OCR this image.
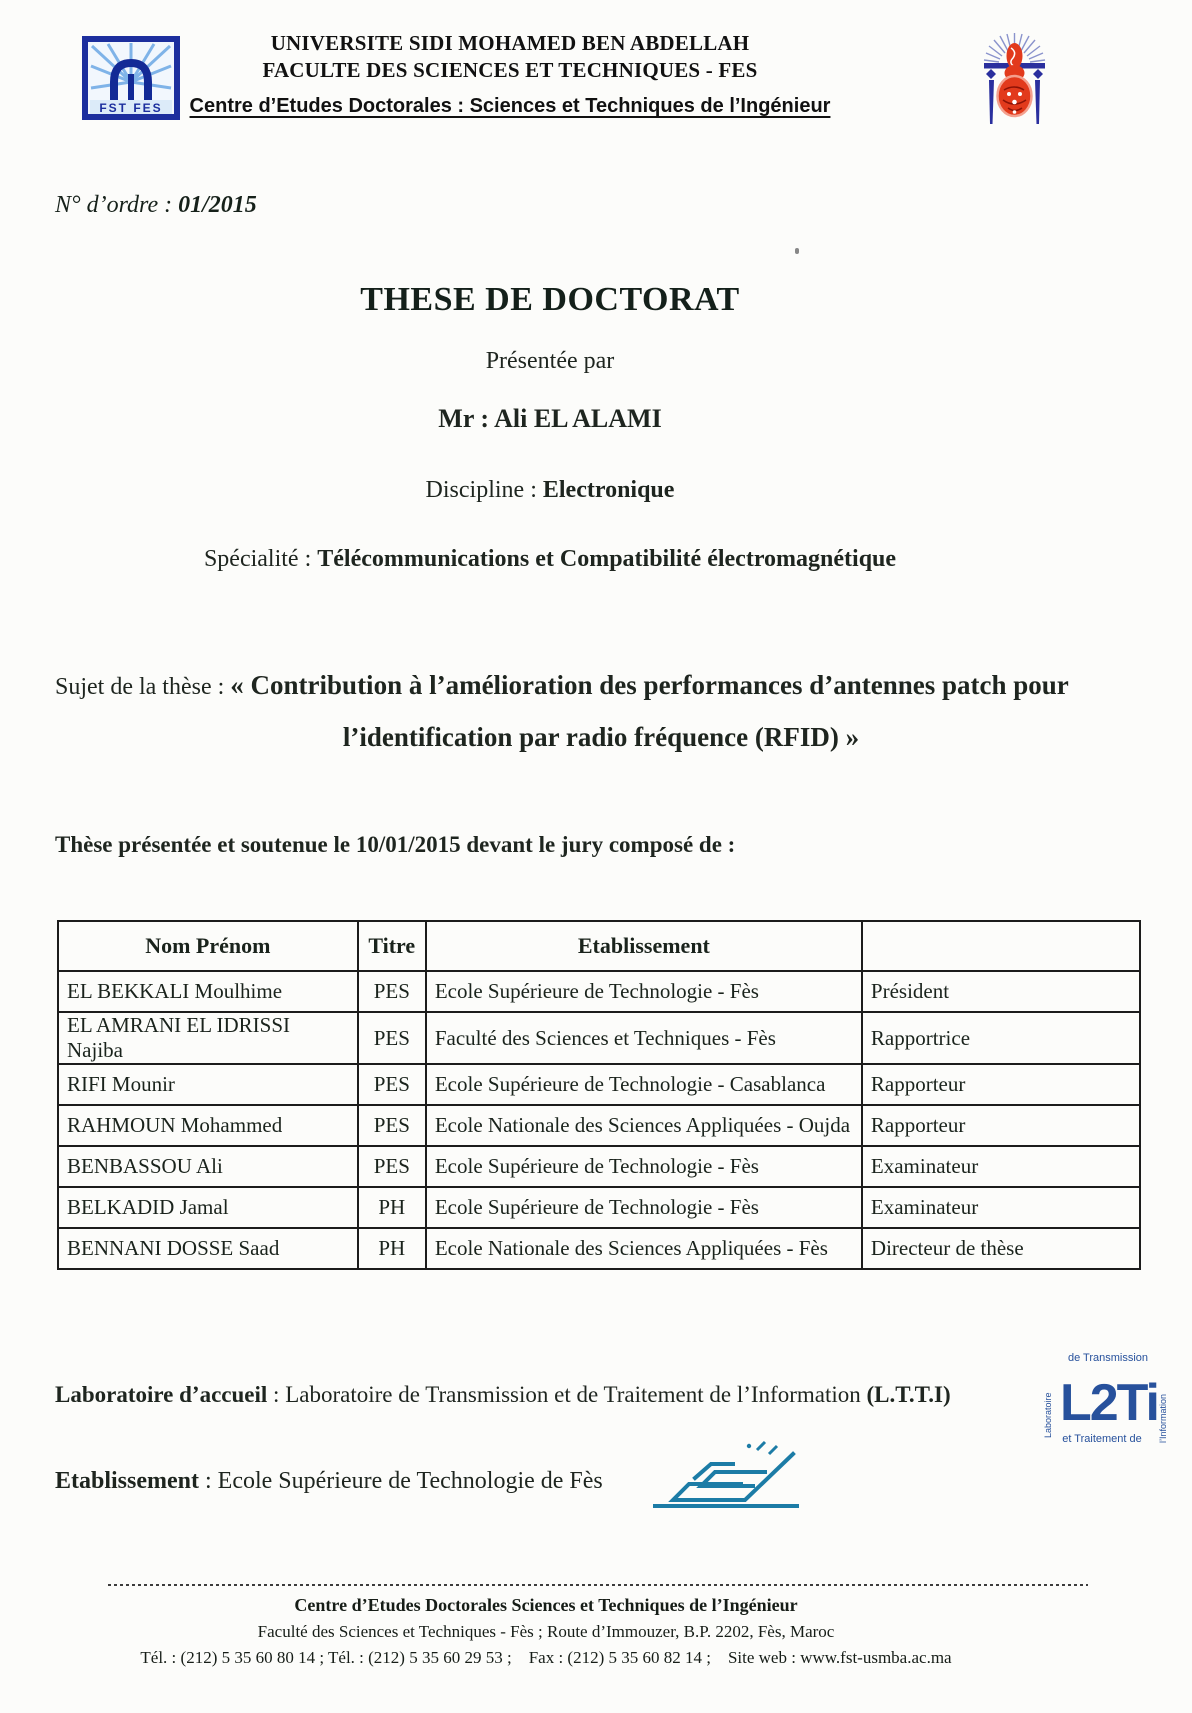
FST FES
UNIVERSITE SIDI MOHAMED BEN ABDELLAH
FACULTE DES SCIENCES ET TECHNIQUES - FES
Centre d’Etudes Doctorales : Sciences et Techniques de l’Ingénieur
N° d’ordre : 01/2015
THESE DE DOCTORAT
Présentée par
Mr : Ali EL ALAMI
Discipline : Electronique
Spécialité : Télécommunications et Compatibilité électromagnétique
Sujet de la thèse : « Contribution à l’amélioration des performances d’antennes patch pour
l’identification par radio fréquence (RFID) »
Thèse présentée et soutenue le 10/01/2015 devant le jury composé de :
Nom Prénom	Titre	Etablissement	
EL BEKKALI Moulhime	PES	Ecole Supérieure de Technologie - Fès	Président
EL AMRANI EL IDRISSI Najiba	PES	Faculté des Sciences et Techniques - Fès	Rapportrice
RIFI Mounir	PES	Ecole Supérieure de Technologie - Casablanca	Rapporteur
RAHMOUN Mohammed	PES	Ecole Nationale des Sciences Appliquées - Oujda	Rapporteur
BENBASSOU Ali	PES	Ecole Supérieure de Technologie - Fès	Examinateur
BELKADID Jamal	PH	Ecole Supérieure de Technologie - Fès	Examinateur
BENNANI DOSSE Saad	PH	Ecole Nationale des Sciences Appliquées - Fès	Directeur de thèse
Laboratoire d’accueil : Laboratoire de Transmission et de Traitement de l’Information (L.T.T.I)
de Transmission
L2Ti
et Traitement de
Laboratoire	l’Information
Etablissement : Ecole Supérieure de Technologie de Fès
Centre d’Etudes Doctorales Sciences et Techniques de l’Ingénieur
Faculté des Sciences et Techniques - Fès ; Route d’Immouzer, B.P. 2202, Fès, Maroc
Tél. : (212) 5 35 60 80 14 ; Tél. : (212) 5 35 60 29 53 ;    Fax : (212) 5 35 60 82 14 ;    Site web : www.fst-usmba.ac.ma
